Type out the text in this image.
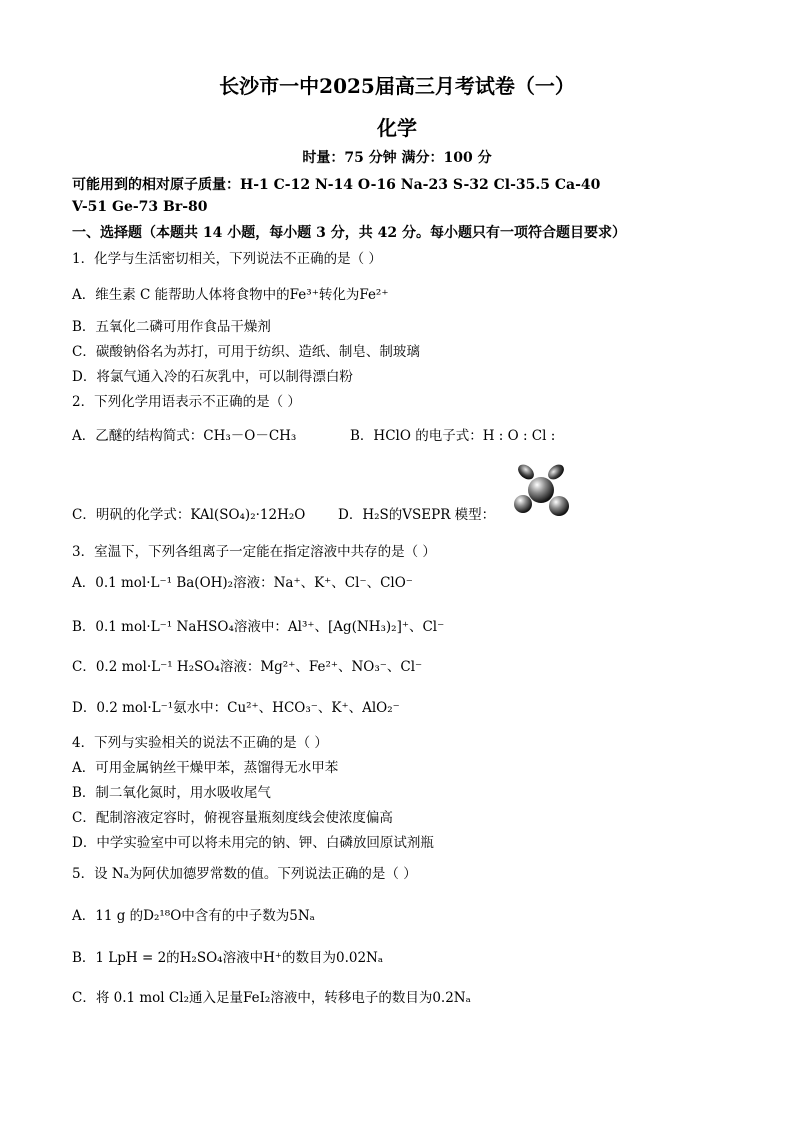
长沙市一中2025届高三月考试卷（一）
化学
时量：75 分钟 满分：100 分
可能用到的相对原子质量：H-1 C-12 N-14 O-16 Na-23 S-32 Cl-35.5 Ca-40
V-51 Ge-73 Br-80
一、选择题（本题共 14 小题，每小题 3 分，共 42 分。每小题只有一项符合题目要求）
1．化学与生活密切相关，下列说法不正确的是（ ）
A．维生素 C 能帮助人体将食物中的Fe³⁺转化为Fe²⁺
B．五氧化二磷可用作食品干燥剂
C．碳酸钠俗名为苏打，可用于纺织、造纸、制皂、制玻璃
D．将氯气通入冷的石灰乳中，可以制得漂白粉
2．下列化学用语表示不正确的是（ ）
A．乙醚的结构简式：CH₃－O－CH₃	B．HClO 的电子式：H : O : Cl :
C．明矾的化学式：KAl(SO₄)₂·12H₂O D．H₂S的VSEPR 模型：
3．室温下，下列各组离子一定能在指定溶液中共存的是（ ）
A．0.1 mol·L⁻¹ Ba(OH)₂溶液：Na⁺、K⁺、Cl⁻、ClO⁻
B．0.1 mol·L⁻¹ NaHSO₄溶液中：Al³⁺、[Ag(NH₃)₂]⁺、Cl⁻
C．0.2 mol·L⁻¹ H₂SO₄溶液：Mg²⁺、Fe²⁺、NO₃⁻、Cl⁻
D．0.2 mol·L⁻¹氨水中：Cu²⁺、HCO₃⁻、K⁺、AlO₂⁻
4．下列与实验相关的说法不正确的是（ ）
A．可用金属钠丝干燥甲苯，蒸馏得无水甲苯
B．制二氧化氮时，用水吸收尾气
C．配制溶液定容时，俯视容量瓶刻度线会使浓度偏高
D．中学实验室中可以将未用完的钠、钾、白磷放回原试剂瓶
5．设 Nₐ为阿伏加德罗常数的值。下列说法正确的是（ ）
A．11 g 的D₂¹⁸O中含有的中子数为5Nₐ
B．1 LpH = 2的H₂SO₄溶液中H⁺的数目为0.02Nₐ
C．将 0.1 mol Cl₂通入足量FeI₂溶液中，转移电子的数目为0.2Nₐ
